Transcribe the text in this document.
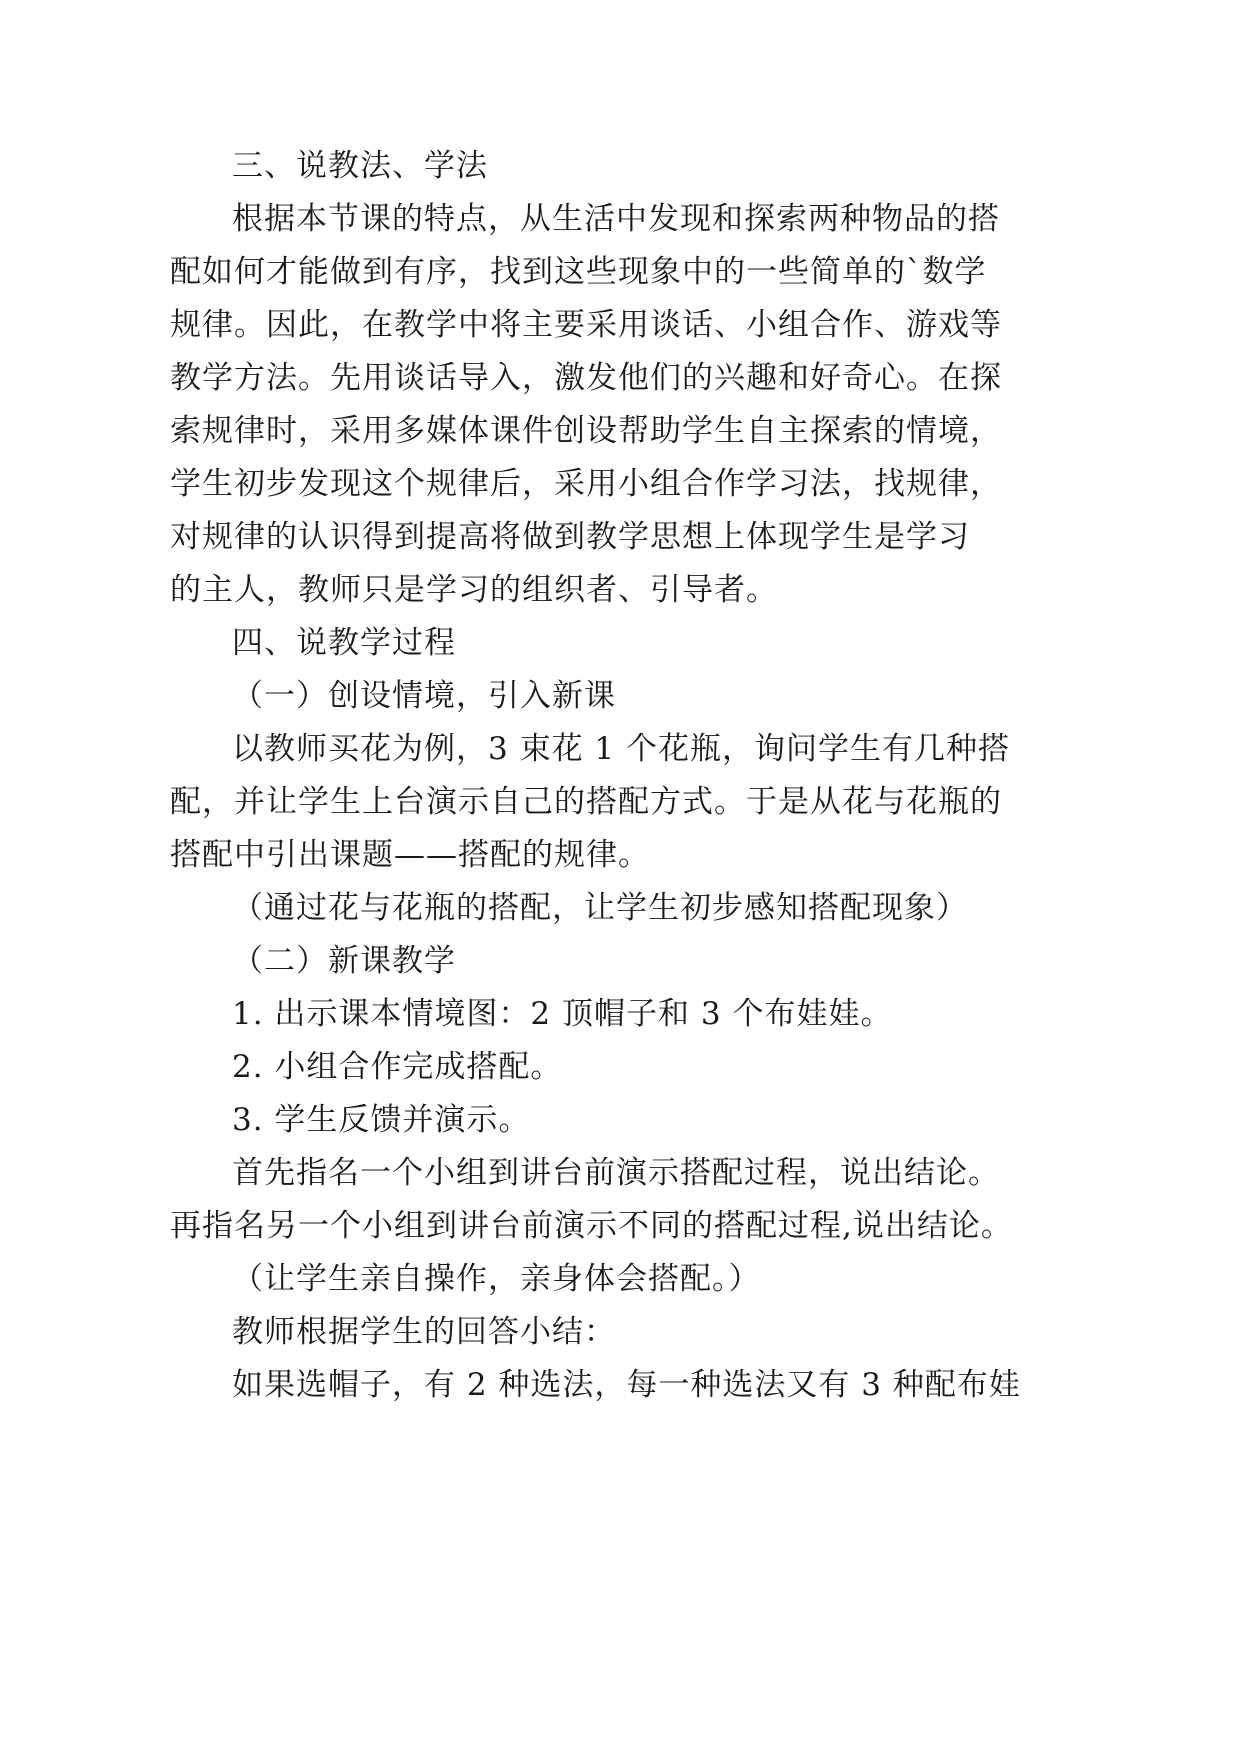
三、说教法、学法
根据本节课的特点，从生活中发现和探索两种物品的搭
配如何才能做到有序，找到这些现象中的一些简单的`数学
规律。因此，在教学中将主要采用谈话、小组合作、游戏等
教学方法。先用谈话导入，激发他们的兴趣和好奇心。在探
索规律时，采用多媒体课件创设帮助学生自主探索的情境，
学生初步发现这个规律后，采用小组合作学习法，找规律，
对规律的认识得到提高将做到教学思想上体现学生是学习
的主人，教师只是学习的组织者、引导者。
四、说教学过程
（一）创设情境，引入新课
以教师买花为例，3 束花 1 个花瓶，询问学生有几种搭
配，并让学生上台演示自己的搭配方式。于是从花与花瓶的
搭配中引出课题——搭配的规律。
（通过花与花瓶的搭配，让学生初步感知搭配现象）
（二）新课教学
1. 出示课本情境图：2 顶帽子和 3 个布娃娃。
2. 小组合作完成搭配。
3. 学生反馈并演示。
首先指名一个小组到讲台前演示搭配过程，说出结论。
再指名另一个小组到讲台前演示不同的搭配过程,说出结论。
（让学生亲自操作，亲身体会搭配。）
教师根据学生的回答小结：
如果选帽子，有 2 种选法，每一种选法又有 3 种配布娃
